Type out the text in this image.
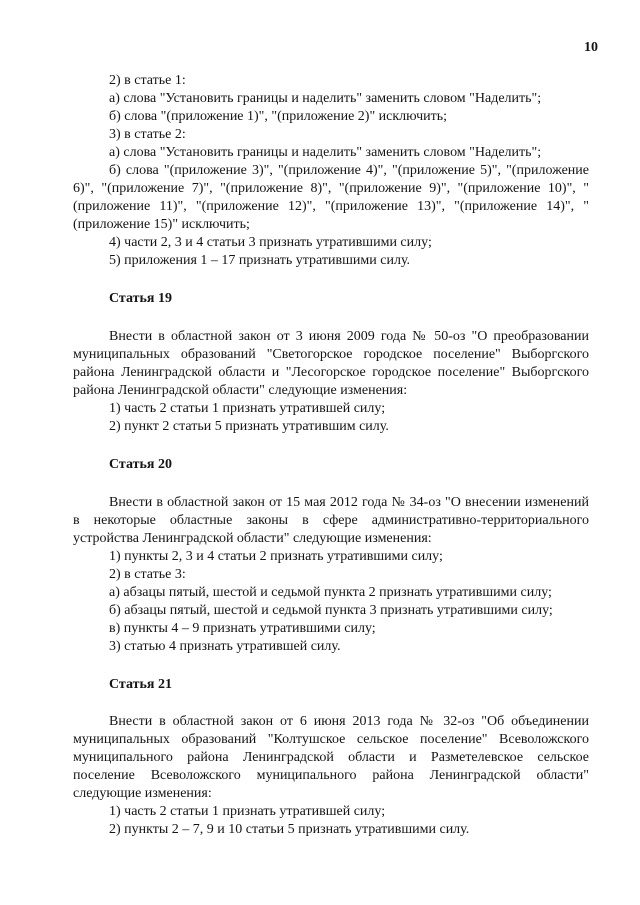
10

2) в статье 1:

а) слова "Установить границы и наделить" заменить словом "Наделить";

б) слова "(приложение 1)", "(приложение 2)" исключить;

3) в статье 2:

а) слова "Установить границы и наделить" заменить словом "Наделить";

б) слова "(приложение 3)", "(приложение 4)", "(приложение 5)", "(приложение 6)", "(приложение 7)", "(приложение 8)", "(приложение 9)", "(приложение 10)", "(приложение 11)", "(приложение 12)", "(приложение 13)", "(приложение 14)", "(приложение 15)" исключить;

4) части 2, 3 и 4 статьи 3 признать утратившими силу;

5) приложения 1 – 17 признать утратившими силу.

Статья 19

Внести в областной закон от 3 июня 2009 года № 50-оз "О преобразовании муниципальных образований "Светогорское городское поселение" Выборгского района Ленинградской области и "Лесогорское городское поселение" Выборгского района Ленинградской области" следующие изменения:

1) часть 2 статьи 1 признать утратившей силу;

2) пункт 2 статьи 5 признать утратившим силу.

Статья 20

Внести в областной закон от 15 мая 2012 года № 34-оз "О внесении изменений в некоторые областные законы в сфере административно-территориального устройства Ленинградской области" следующие изменения:

1) пункты 2, 3 и 4 статьи 2 признать утратившими силу;

2) в статье 3:

а) абзацы пятый, шестой и седьмой пункта 2 признать утратившими силу;

б) абзацы пятый, шестой и седьмой пункта 3 признать утратившими силу;

в) пункты 4 – 9 признать утратившими силу;

3) статью 4 признать утратившей силу.

Статья 21

Внести в областной закон от 6 июня 2013 года № 32-оз "Об объединении муниципальных образований "Колтушское сельское поселение" Всеволожского муниципального района Ленинградской области и Разметелевское сельское поселение Всеволожского муниципального района Ленинградской области" следующие изменения:

1) часть 2 статьи 1 признать утратившей силу;

2) пункты 2 – 7, 9 и 10 статьи 5 признать утратившими силу.
